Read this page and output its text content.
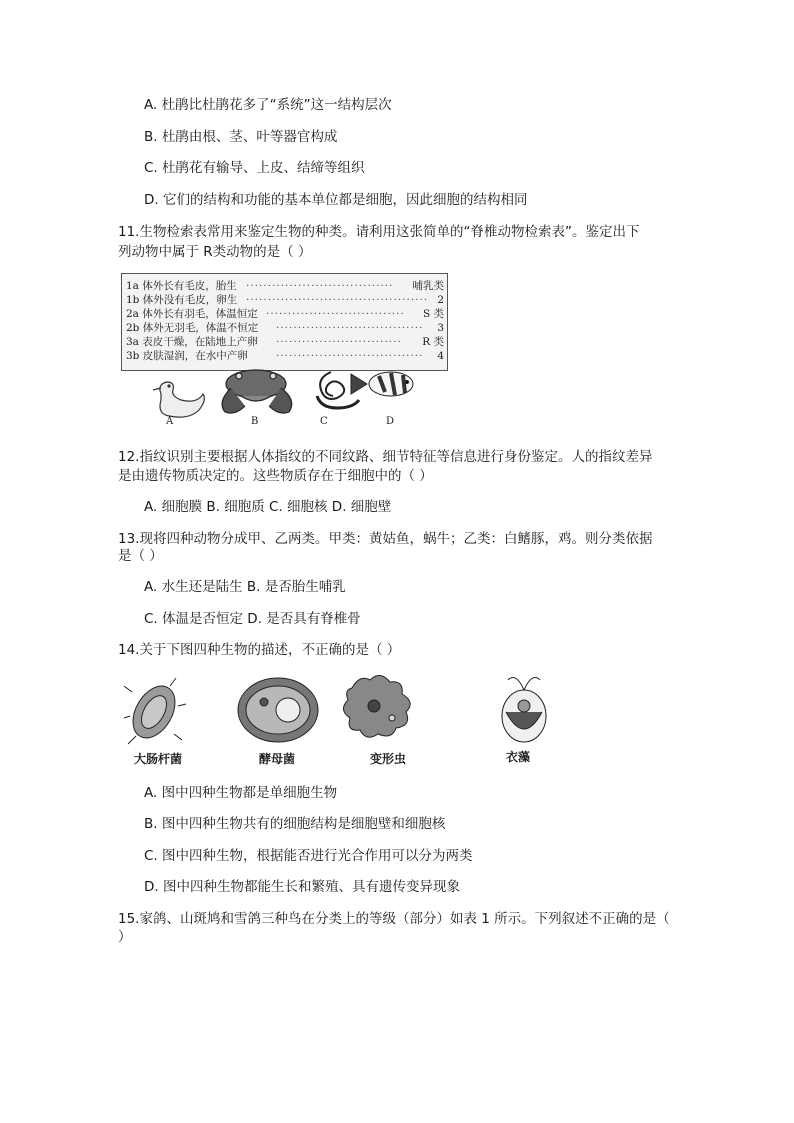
A. 杜鹃比杜鹃花多了“系统”这一结构层次
B. 杜鹃由根、茎、叶等器官构成
C. 杜鹃花有输导、上皮、结缔等组织
D. 它们的结构和功能的基本单位都是细胞，因此细胞的结构相同
11.生物检索表常用来鉴定生物的种类。请利用这张简单的“脊椎动物检索表”。鉴定出下
列动物中属于 R类动物的是（ ）
1a 体外长有毛皮，胎生 ··································	哺乳类
1b 体外没有毛皮，卵生 ·········································· 2
2a 体外长有羽毛，体温恒定 ································	S 类
2b 体外无羽毛，体温不恒定 ··································	3
3a 表皮干燥，在陆地上产卵 ·····························	R 类
3b 皮肤湿润，在水中产卵	··································	4
A	B	C	D
12.指纹识别主要根据人体指纹的不同纹路、细节特征等信息进行身份鉴定。人的指纹差异
是由遗传物质决定的。这些物质存在于细胞中的（ ）
A. 细胞膜 B. 细胞质 C. 细胞核 D. 细胞壁
13.现将四种动物分成甲、乙两类。甲类：黄姑鱼，蜗牛；乙类：白鳍豚，鸡。则分类依据
是（ ）
A. 水生还是陆生 B. 是否胎生哺乳
C. 体温是否恒定 D. 是否具有脊椎骨
14.关于下图四种生物的描述，不正确的是（ ）
大肠杆菌	酵母菌	变形虫	衣藻
A. 图中四种生物都是单细胞生物
B. 图中四种生物共有的细胞结构是细胞壁和细胞核
C. 图中四种生物，根据能否进行光合作用可以分为两类
D. 图中四种生物都能生长和繁殖、具有遗传变异现象
15.家鸽、山斑鸠和雪鸽三种鸟在分类上的等级（部分）如表 1 所示。下列叙述不正确的是（
）
